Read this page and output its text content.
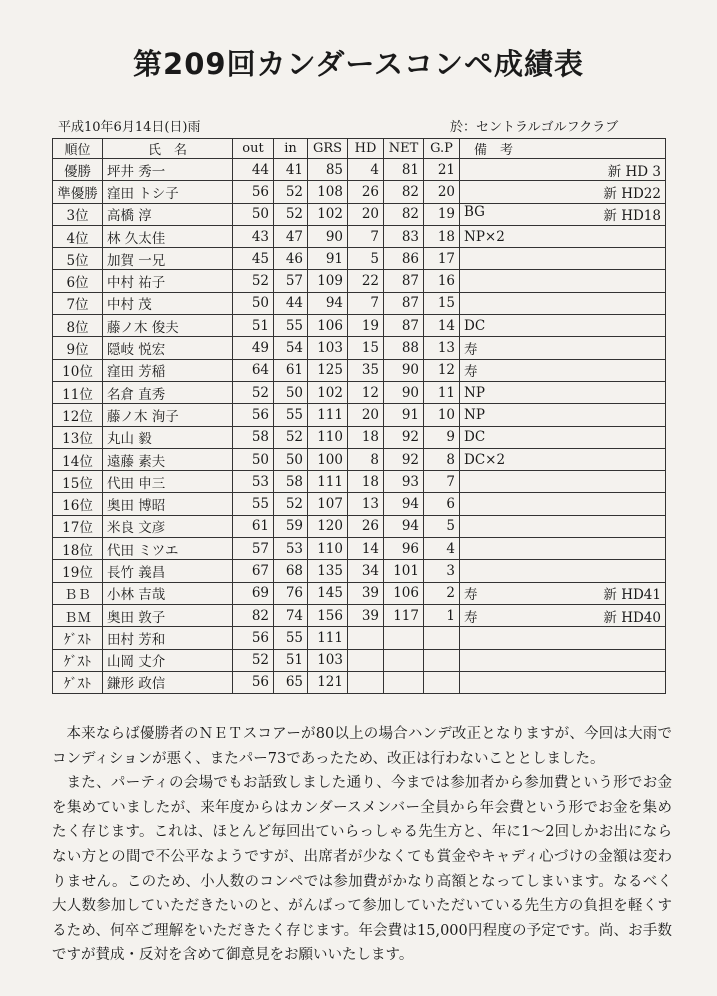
第209回カンダースコンペ成績表
平成10年6月14日(日)雨	於：セントラルゴルフクラブ
順位	氏　名	out	in	GRS	HD	NET	G.P	備　考
優勝	坪井 秀一	44	41	85	4	81	21	新 HD 3

準優勝	窪田 トシ子	56	52	108	26	82	20	新 HD22

3位	高橋 淳	50	52	102	20	82	19	BG 新 HD18

4位	林 久太佳	43	47	90	7	83	18	NP×2

5位	加賀 一兄	45	46	91	5	86	17	

6位	中村 祐子	52	57	109	22	87	16	

7位	中村 茂	50	44	94	7	87	15	

8位	藤ノ木 俊夫	51	55	106	19	87	14	DC

9位	隠岐 悦宏	49	54	103	15	88	13	寿

10位	窪田 芳稲	64	61	125	35	90	12	寿

11位	名倉 直秀	52	50	102	12	90	11	NP

12位	藤ノ木 洵子	56	55	111	20	91	10	NP

13位	丸山 毅	58	52	110	18	92	9	DC

14位	遠藤 素夫	50	50	100	8	92	8	DC×2

15位	代田 申三	53	58	111	18	93	7	

16位	奥田 博昭	55	52	107	13	94	6	

17位	米良 文彦	61	59	120	26	94	5	

18位	代田 ミツエ	57	53	110	14	96	4	

19位	長竹 義昌	67	68	135	34	101	3	

ＢＢ	小林 吉哉	69	76	145	39	106	2	寿 新 HD41

ＢＭ	奥田 敦子	82	74	156	39	117	1	寿 新 HD40

ｹﾞｽﾄ	田村 芳和	56	55	111				

ｹﾞｽﾄ	山岡 丈介	52	51	103				

ｹﾞｽﾄ	鎌形 政信	56	65	121				

本来ならば優勝者のＮＥＴスコアーが80以上の場合ハンデ改正となりますが、今回は大雨でコンディションが悪く、またパー73であったため、改正は行わないこととしました。

また、パーティの会場でもお話致しました通り、今までは参加者から参加費という形でお金を集めていましたが、来年度からはカンダースメンバー全員から年会費という形でお金を集めたく存じます。これは、ほとんど毎回出ていらっしゃる先生方と、年に1～2回しかお出にならない方との間で不公平なようですが、出席者が少なくても賞金やキャディ心づけの金額は変わりません。このため、小人数のコンペでは参加費がかなり高額となってしまいます。なるべく大人数参加していただきたいのと、がんばって参加していただいている先生方の負担を軽くするため、何卒ご理解をいただきたく存じます。年会費は15,000円程度の予定です。尚、お手数ですが賛成・反対を含めて御意見をお願いいたします。
